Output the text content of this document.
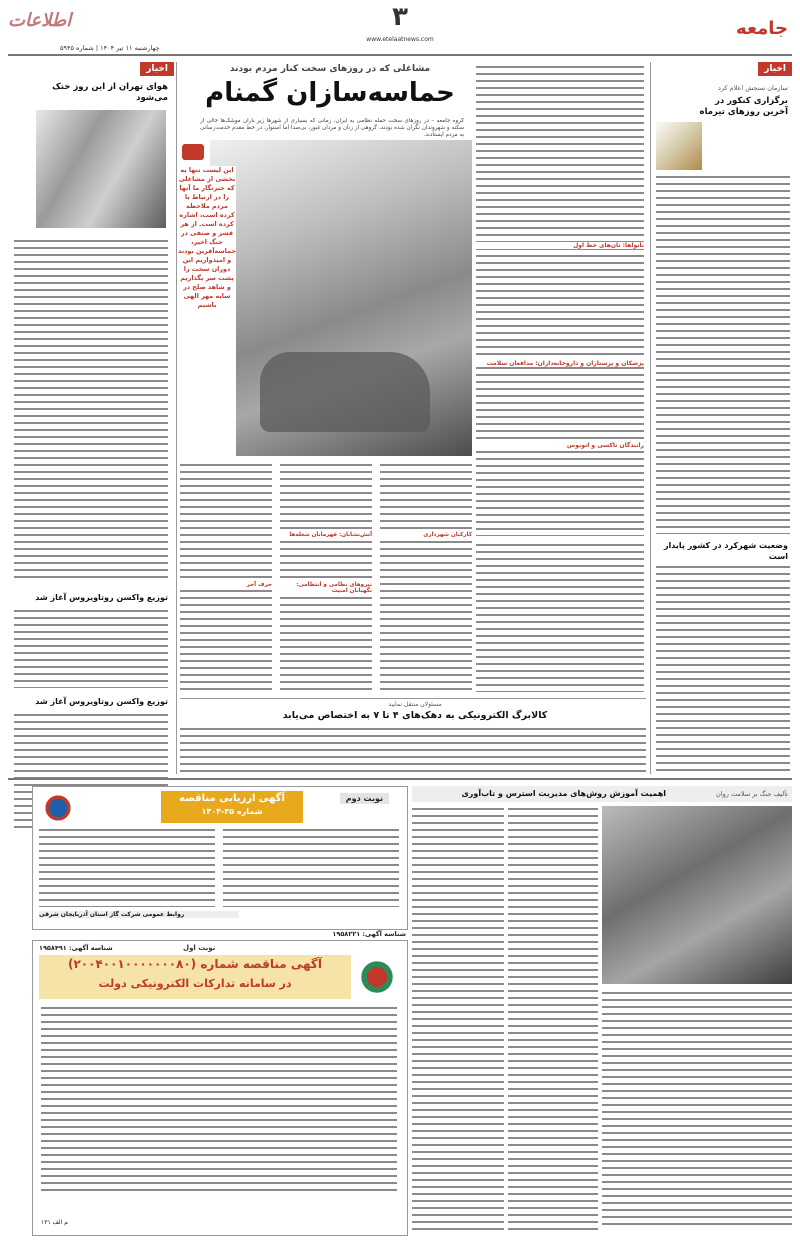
جامعه
۳
www.etelaatnews.com
چهارشنبه ۱۱ تیر ۱۴۰۴ | شماره ۵۹۴۵
اطلاعات
اخبار
هوای تهران از این روز خنک می‌شود
توزیع واکسن روتاویروس آغاز شد
توزیع واکسن روتاویروس آغاز شد
مشاغلی که در روزهای سخت کنار مردم بودند
حماسه‌سازان گمنام
گروه جامعه – در روزهای سخت حمله نظامی به ایران، زمانی که بسیاری از شهرها زیر باران موشک‌ها خالی از سکنه و شهروندان نگران شده بودند، گروهی از زنان و مردان غیور، بی‌صدا اما استوار، در خط مقدم خدمت‌رسانی به مردم ایستادند.
نانواها: نان‌های خط اول
پزشکان و پرستاران و داروخانه‌داران: مدافعان سلامت
رانندگان تاکسی و اتوبوس
این لیست تنها به بخشی از مشاغلی که خبرنگار ما آنها را در ارتباط با مردم ملاحظه کرده است، اشاره کرده است. از هر قشر و صنفی در جنگ اخیر، حماسه‌آفرین بودند و امیدواریم این دوران سخت را پشت سر بگذاریم و شاهد صلح در سایه مهر الهی باشیم
آتش‌نشانان: قهرمانان شعله‌ها
نیروهای نظامی و انتظامی: نگهبانان امنیت
حرف آخر
کارکنان شهرداری
مسئولان منتقل نمایید
کالابرگ الکترونیکی به دهک‌های ۴ تا ۷ به اختصاص می‌یابد
اخبار
سازمان سنجش اعلام کرد
برگزاری کنکور در آخرین روزهای تیرماه
وضعیت شهرکرد در کشور پایدار است
نوبت دوم
آگهی ارزیابی مناقصه
شماره ۳۵-۱۴۰۴
روابط عمومی شرکت گاز استان آذربایجان شرقی
شناسه آگهی: ۱۹۵۸۲۲۱
نوبت اول
آگهی مناقصه شماره (۲۰۰۴۰۰۱۰۰۰۰۰۰۰۸۰)
در سامانه تدارکات الکترونیکی دولت
شناسه آگهی: ۱۹۵۸۴۹۱
م الف ۱۳۱
اهمیت آموزش روش‌های مدیریت استرس و تاب‌آوری	تألیف جنگ بر سلامت روان
